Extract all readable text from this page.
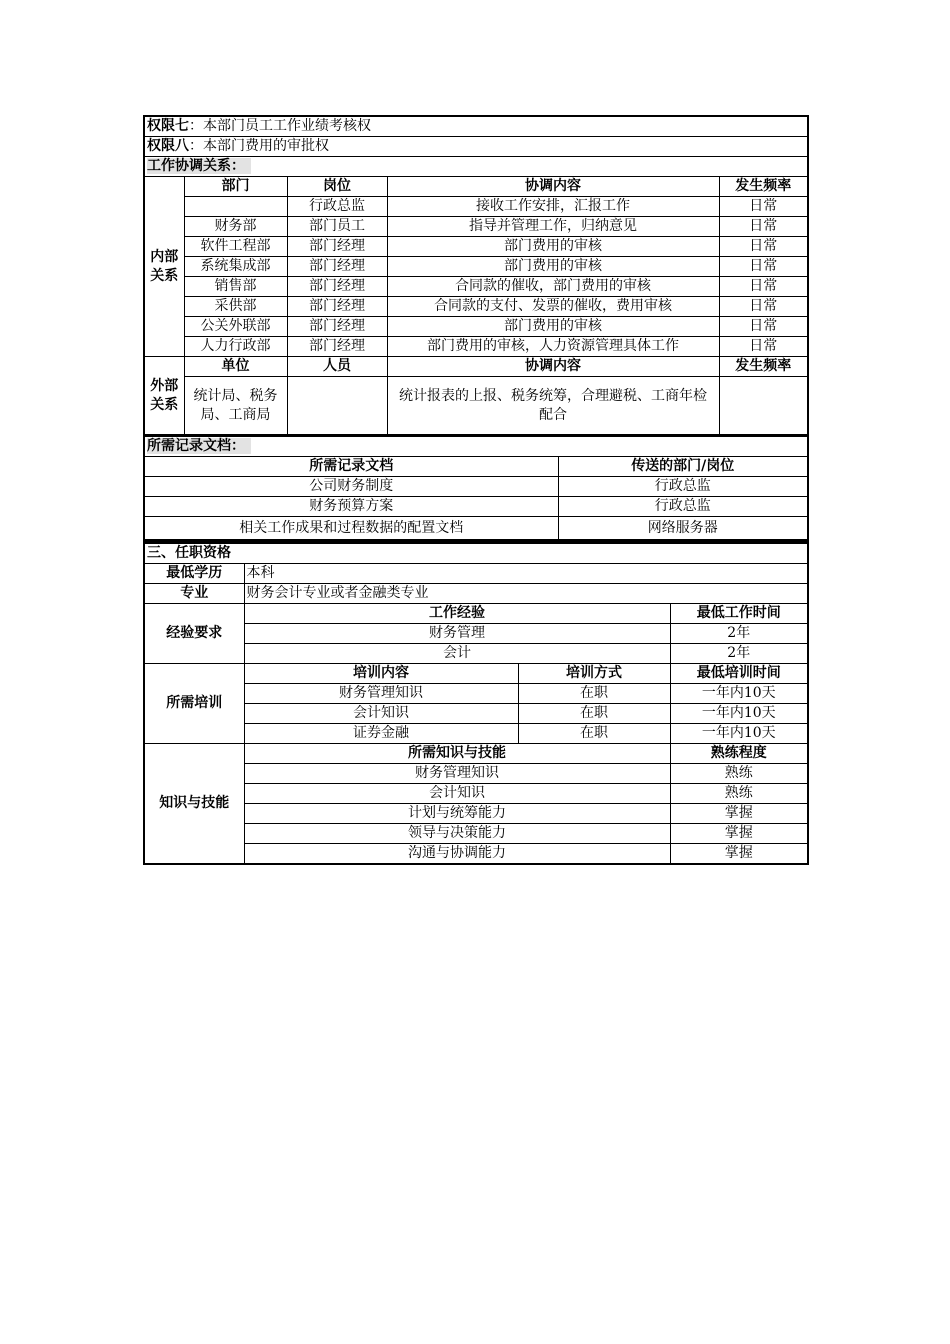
权限七：本部门员工工作业绩考核权				
权限八：本部门费用的审批权				
工作协调关系：				
内部关系	部门	岗位	协调内容	发生频率
		行政总监	接收工作安排，汇报工作	日常
	财务部	部门员工	指导并管理工作，归纳意见	日常
	软件工程部	部门经理	部门费用的审核	日常
	系统集成部	部门经理	部门费用的审核	日常
	销售部	部门经理	合同款的催收，部门费用的审核	日常
	采供部	部门经理	合同款的支付、发票的催收，费用审核	日常
	公关外联部	部门经理	部门费用的审核	日常
	人力行政部	部门经理	部门费用的审核，人力资源管理具体工作	日常
外部关系	单位	人员	协调内容	发生频率
	统计局、税务局、工商局		统计报表的上报、税务统筹，合理避税、工商年检配合	
所需记录文档：	
所需记录文档	传送的部门/岗位
公司财务制度	行政总监
财务预算方案	行政总监
相关工作成果和过程数据的配置文档	网络服务器
三、任职资格			
最低学历	本科		
专业	财务会计专业或者金融类专业		
经验要求	工作经验		最低工作时间
	财务管理		2年
	会计		2年
所需培训	培训内容	培训方式	最低培训时间
	财务管理知识	在职	一年内10天
	会计知识	在职	一年内10天
	证券金融	在职	一年内10天
知识与技能	所需知识与技能		熟练程度
	财务管理知识		熟练
	会计知识		熟练
	计划与统筹能力		掌握
	领导与决策能力		掌握
	沟通与协调能力		掌握
